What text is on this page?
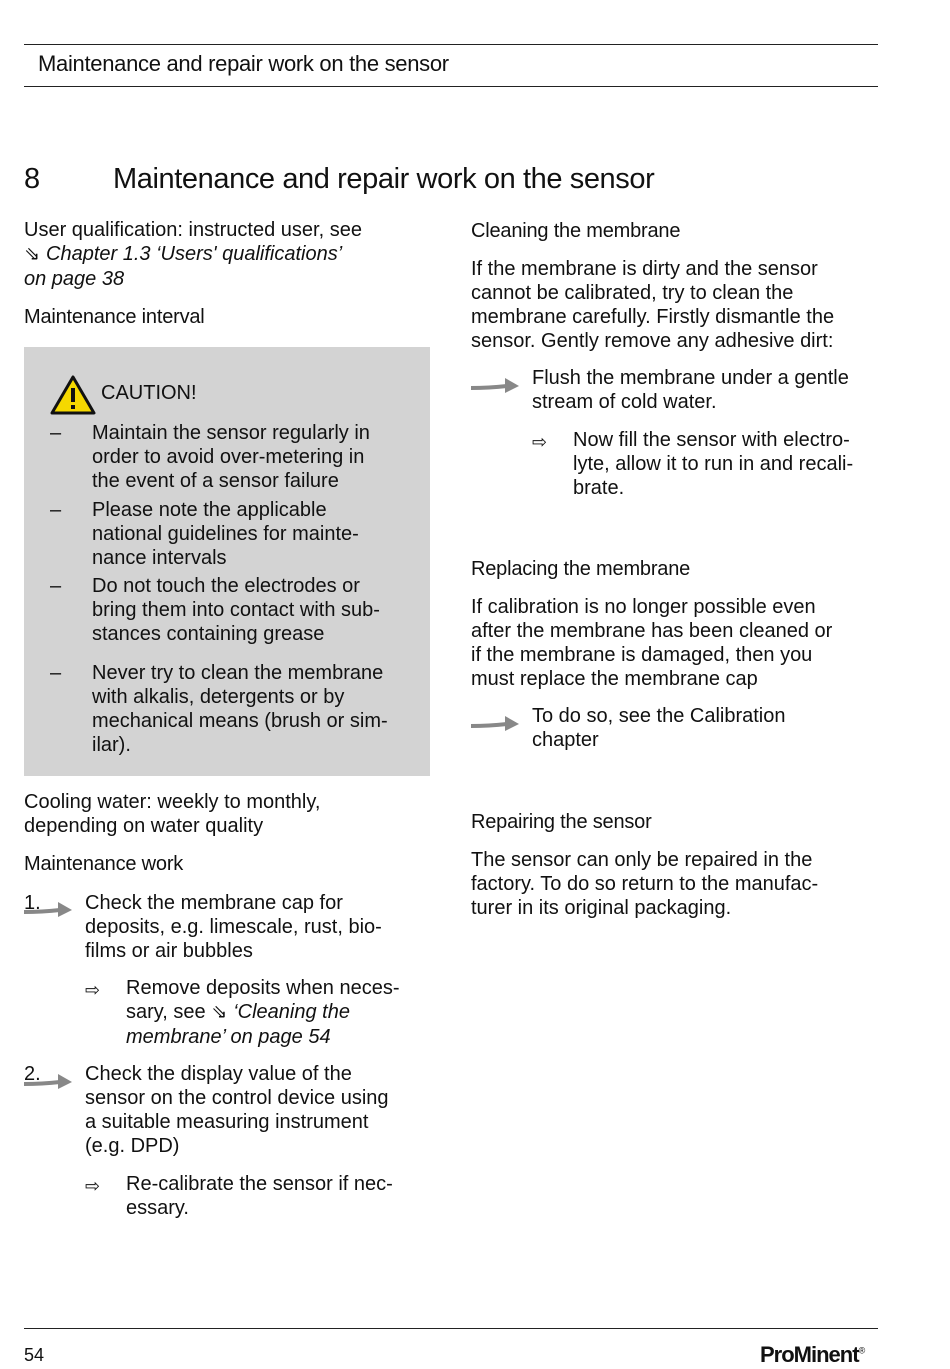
Maintenance and repair work on the sensor
8	Maintenance and repair work on the sensor
User qualification: instructed user, see
⇘ Chapter 1.3 ‘Users' qualifications’
on page 38
Maintenance interval
CAUTION!
– Maintain the sensor regularly in
order to avoid over-metering in
the event of a sensor failure
– Please note the applicable
national guidelines for mainte-
nance intervals
– Do not touch the electrodes or
bring them into contact with sub-
stances containing grease
– Never try to clean the membrane
with alkalis, detergents or by
mechanical means (brush or sim-
ilar).
Cooling water: weekly to monthly,
depending on water quality
Maintenance work
1. Check the membrane cap for
deposits, e.g. limescale, rust, bio-
films or air bubbles
⇨ Remove deposits when neces-
sary, see ⇘ ‘Cleaning the
membrane’ on page 54
2. Check the display value of the
sensor on the control device using
a suitable measuring instrument
(e.g. DPD)
⇨ Re-calibrate the sensor if nec-
essary.
Cleaning the membrane
If the membrane is dirty and the sensor
cannot be calibrated, try to clean the
membrane carefully. Firstly dismantle the
sensor. Gently remove any adhesive dirt:
Flush the membrane under a gentle
stream of cold water.
⇨ Now fill the sensor with electro-
lyte, allow it to run in and recali-
brate.
Replacing the membrane
If calibration is no longer possible even
after the membrane has been cleaned or
if the membrane is damaged, then you
must replace the membrane cap
To do so, see the Calibration
chapter
Repairing the sensor
The sensor can only be repaired in the
factory. To do so return to the manufac-
turer in its original packaging.
54	ProMinent®
